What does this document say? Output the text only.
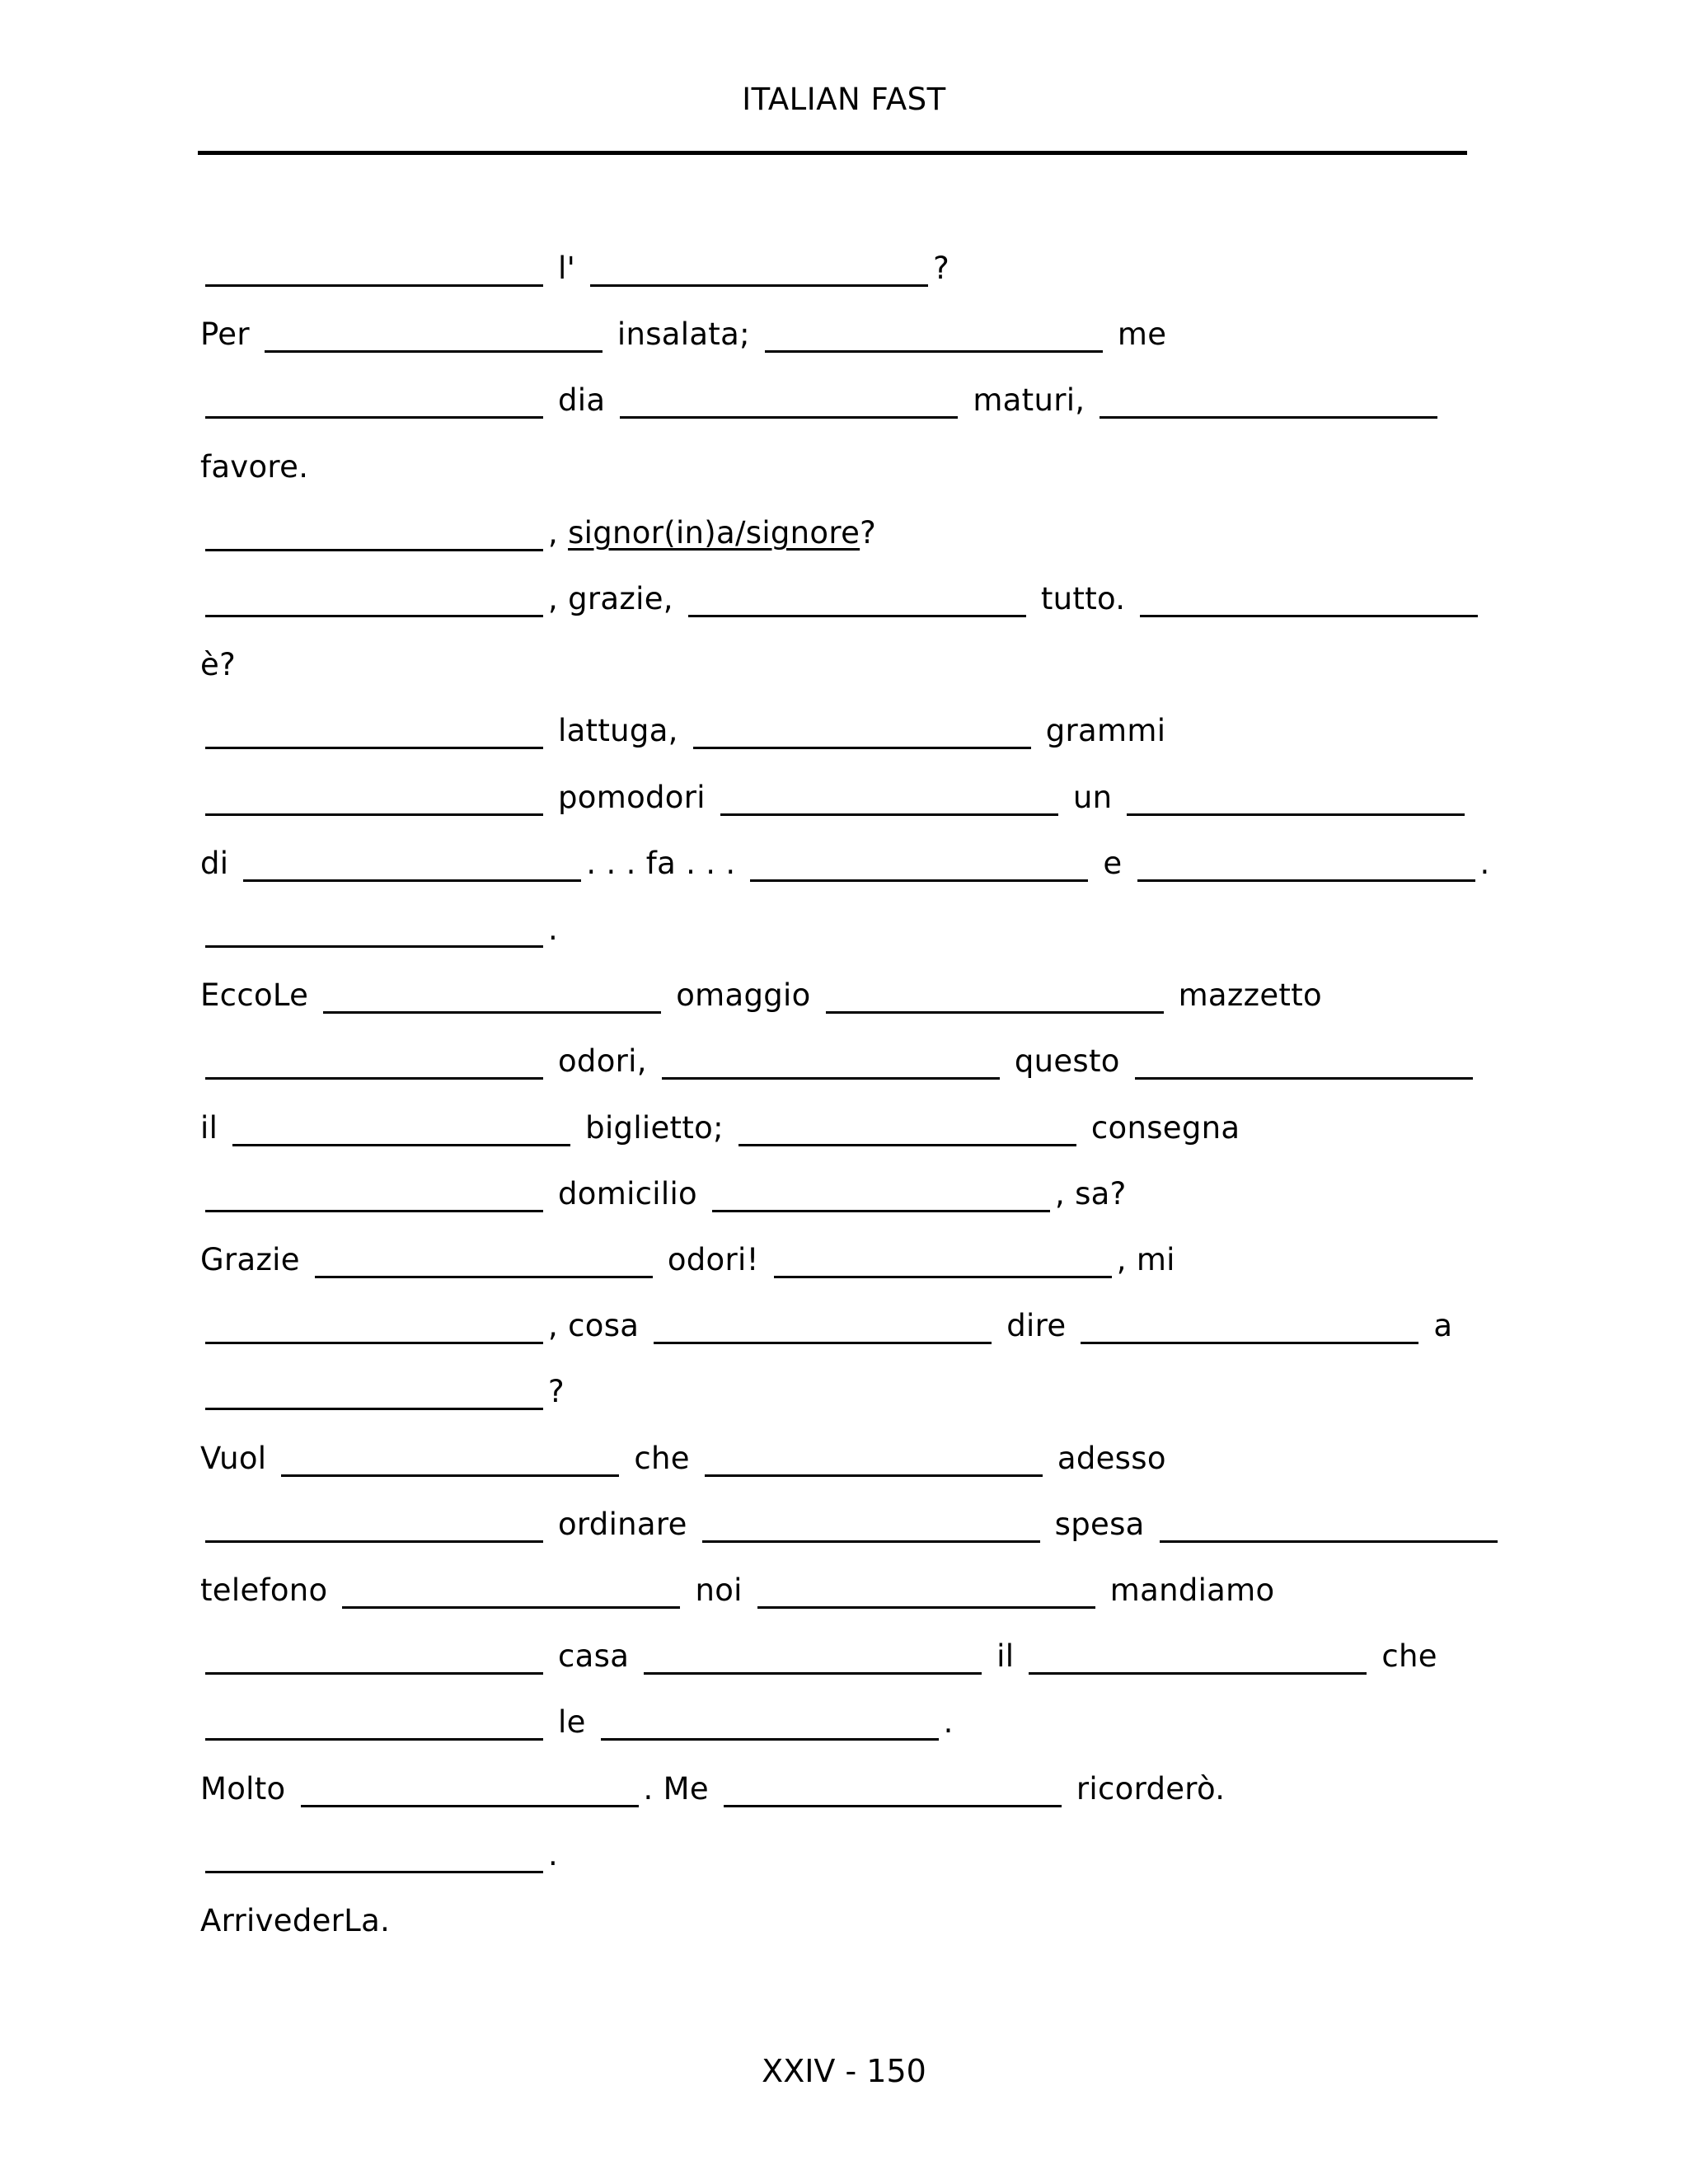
ITALIAN FAST
l'	?
Per	insalata;	me
dia	maturi,
favore.
, signor(in)a/signore ?
, grazie,	tutto.
è?
lattuga,	grammi
pomodori	un
di	. . . fa . . .	e	.
.
EccoLe	omaggio	mazzetto
odori,	questo
il	biglietto;	consegna
domicilio	, sa?
Grazie	odori!	, mi
, cosa	dire	a
?
Vuol	che	adesso
ordinare	spesa
telefono	noi	mandiamo
casa	il	che
le	.
Molto	. Me	ricorderò.
.
ArrivederLa.
XXIV - 150
